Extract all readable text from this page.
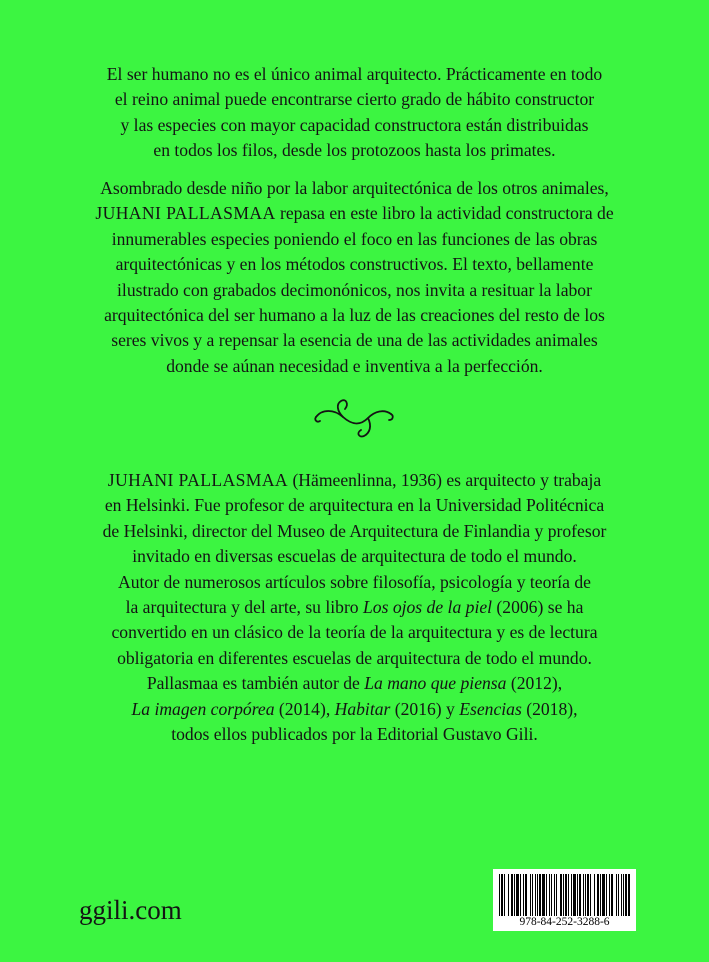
El ser humano no es el único animal arquitecto. Prácticamente en todo

el reino animal puede encontrarse cierto grado de hábito constructor

y las especies con mayor capacidad constructora están distribuidas

en todos los filos, desde los protozoos hasta los primates.

Asombrado desde niño por la labor arquitectónica de los otros animales,

JUHANI PALLASMAA repasa en este libro la actividad constructora de

innumerables especies poniendo el foco en las funciones de las obras

arquitectónicas y en los métodos constructivos. El texto, bellamente

ilustrado con grabados decimonónicos, nos invita a resituar la labor

arquitectónica del ser humano a la luz de las creaciones del resto de los

seres vivos y a repensar la esencia de una de las actividades animales

donde se aúnan necesidad e inventiva a la perfección.

JUHANI PALLASMAA (Hämeenlinna, 1936) es arquitecto y trabaja

en Helsinki. Fue profesor de arquitectura en la Universidad Politécnica

de Helsinki, director del Museo de Arquitectura de Finlandia y profesor

invitado en diversas escuelas de arquitectura de todo el mundo.

Autor de numerosos artículos sobre filosofía, psicología y teoría de

la arquitectura y del arte, su libro Los ojos de la piel (2006) se ha

convertido en un clásico de la teoría de la arquitectura y es de lectura

obligatoria en diferentes escuelas de arquitectura de todo el mundo.

Pallasmaa es también autor de La mano que piensa (2012),

La imagen corpórea (2014), Habitar (2016) y Esencias (2018),

todos ellos publicados por la Editorial Gustavo Gili.

ggili.com	978-84-252-3288-6
